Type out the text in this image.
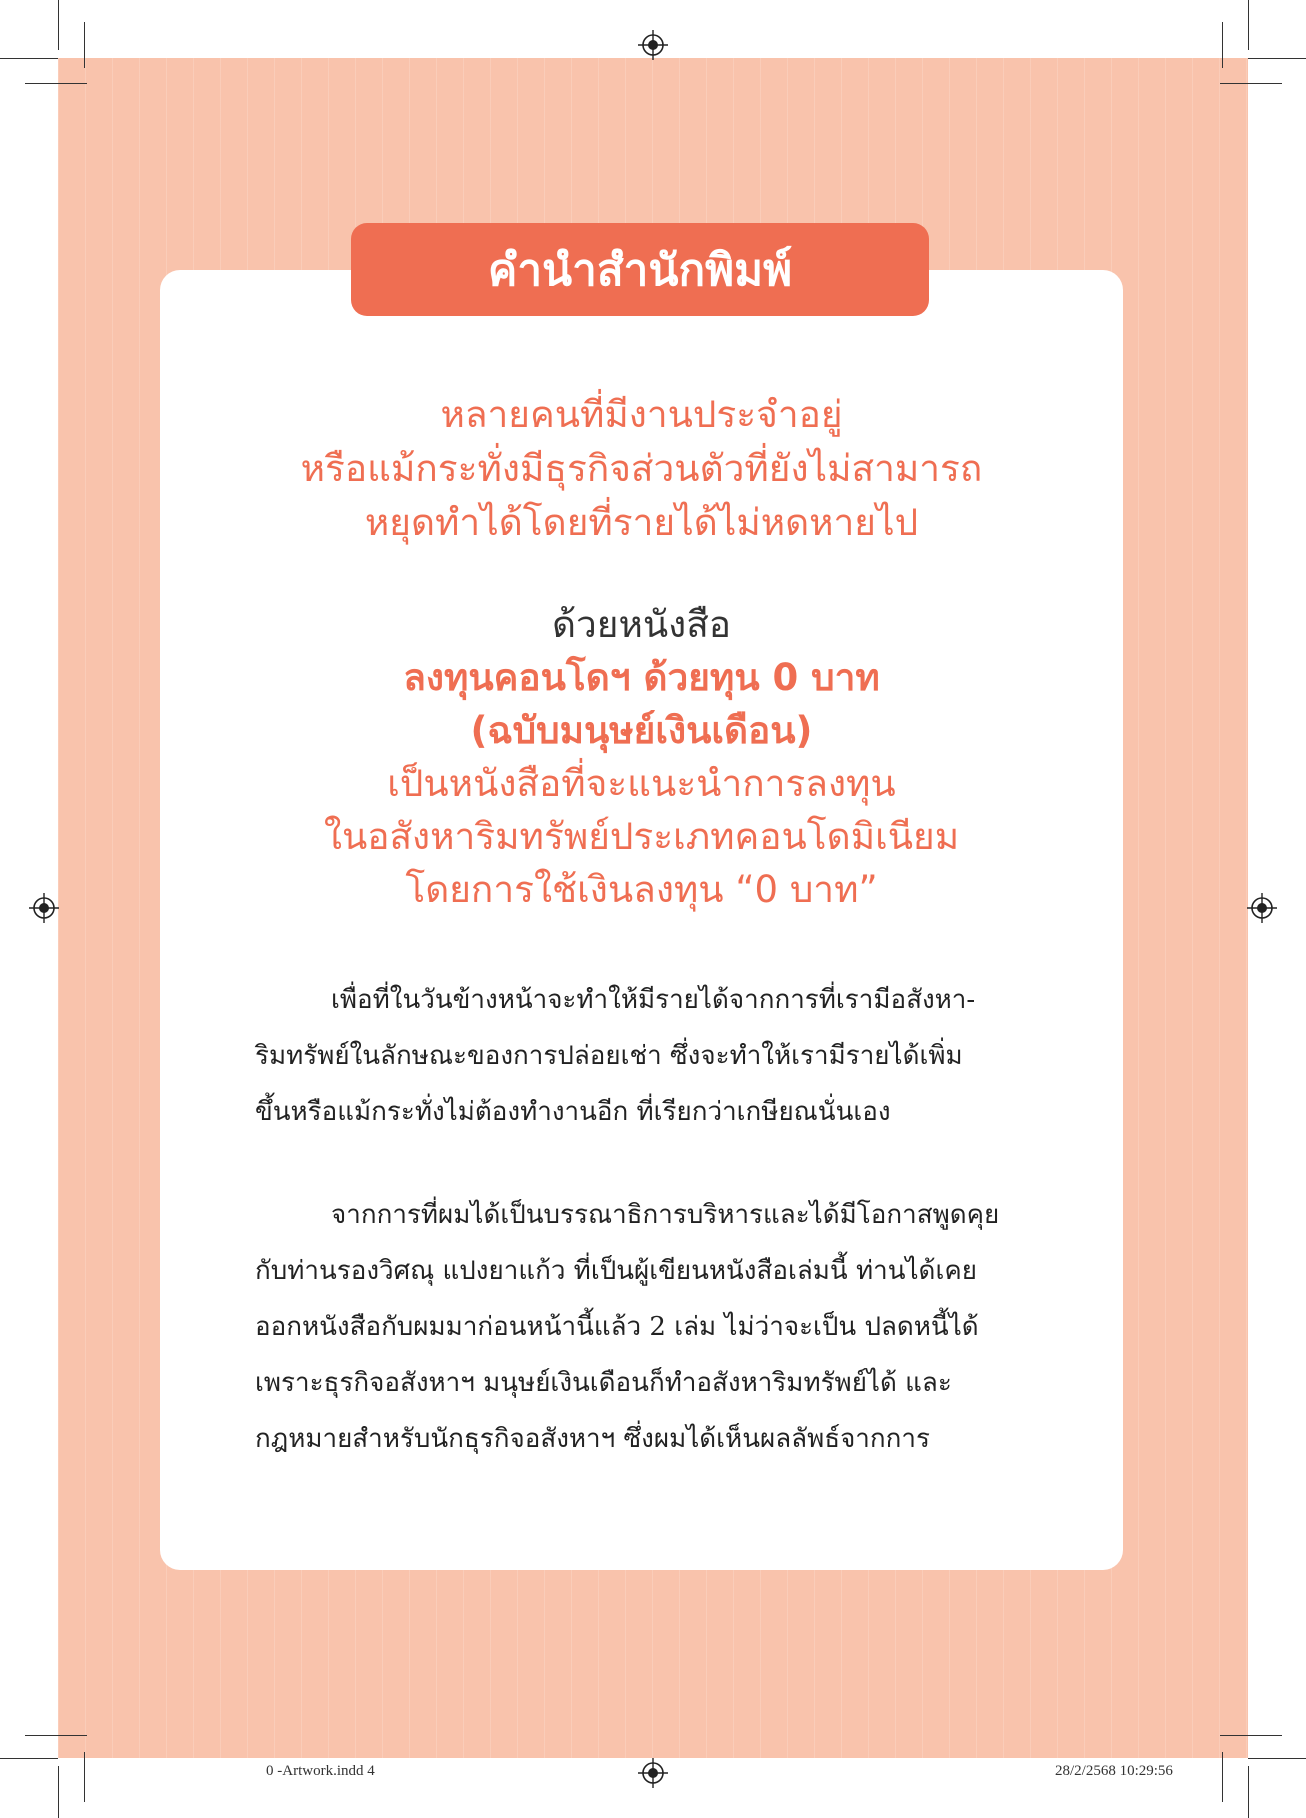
คำนำสำนักพิมพ์
หลายคนที่มีงานประจำอยู่
หรือแม้กระทั่งมีธุรกิจส่วนตัวที่ยังไม่สามารถ
หยุดทำได้โดยที่รายได้ไม่หดหายไป
ด้วยหนังสือ
ลงทุนคอนโดฯ ด้วยทุน 0 บาท
(ฉบับมนุษย์เงินเดือน)
เป็นหนังสือที่จะแนะนำการลงทุน
ในอสังหาริมทรัพย์ประเภทคอนโดมิเนียม
โดยการใช้เงินลงทุน “0 บาท”
เพื่อที่ในวันข้างหน้าจะทำให้มีรายได้จากการที่เรามีอสังหา-
ริมทรัพย์ในลักษณะของการปล่อยเช่า ซึ่งจะทำให้เรามีรายได้เพิ่ม
ขึ้นหรือแม้กระทั่งไม่ต้องทำงานอีก ที่เรียกว่าเกษียณนั่นเอง
จากการที่ผมได้เป็นบรรณาธิการบริหารและได้มีโอกาสพูดคุย
กับท่านรองวิศณุ แปงยาแก้ว ที่เป็นผู้เขียนหนังสือเล่มนี้ ท่านได้เคย
ออกหนังสือกับผมมาก่อนหน้านี้แล้ว 2 เล่ม ไม่ว่าจะเป็น ปลดหนี้ได้
เพราะธุรกิจอสังหาฯ มนุษย์เงินเดือนก็ทำอสังหาริมทรัพย์ได้ และ
กฎหมายสำหรับนักธุรกิจอสังหาฯ ซึ่งผมได้เห็นผลลัพธ์จากการ
0 -Artwork.indd 4	28/2/2568 10:29:56
